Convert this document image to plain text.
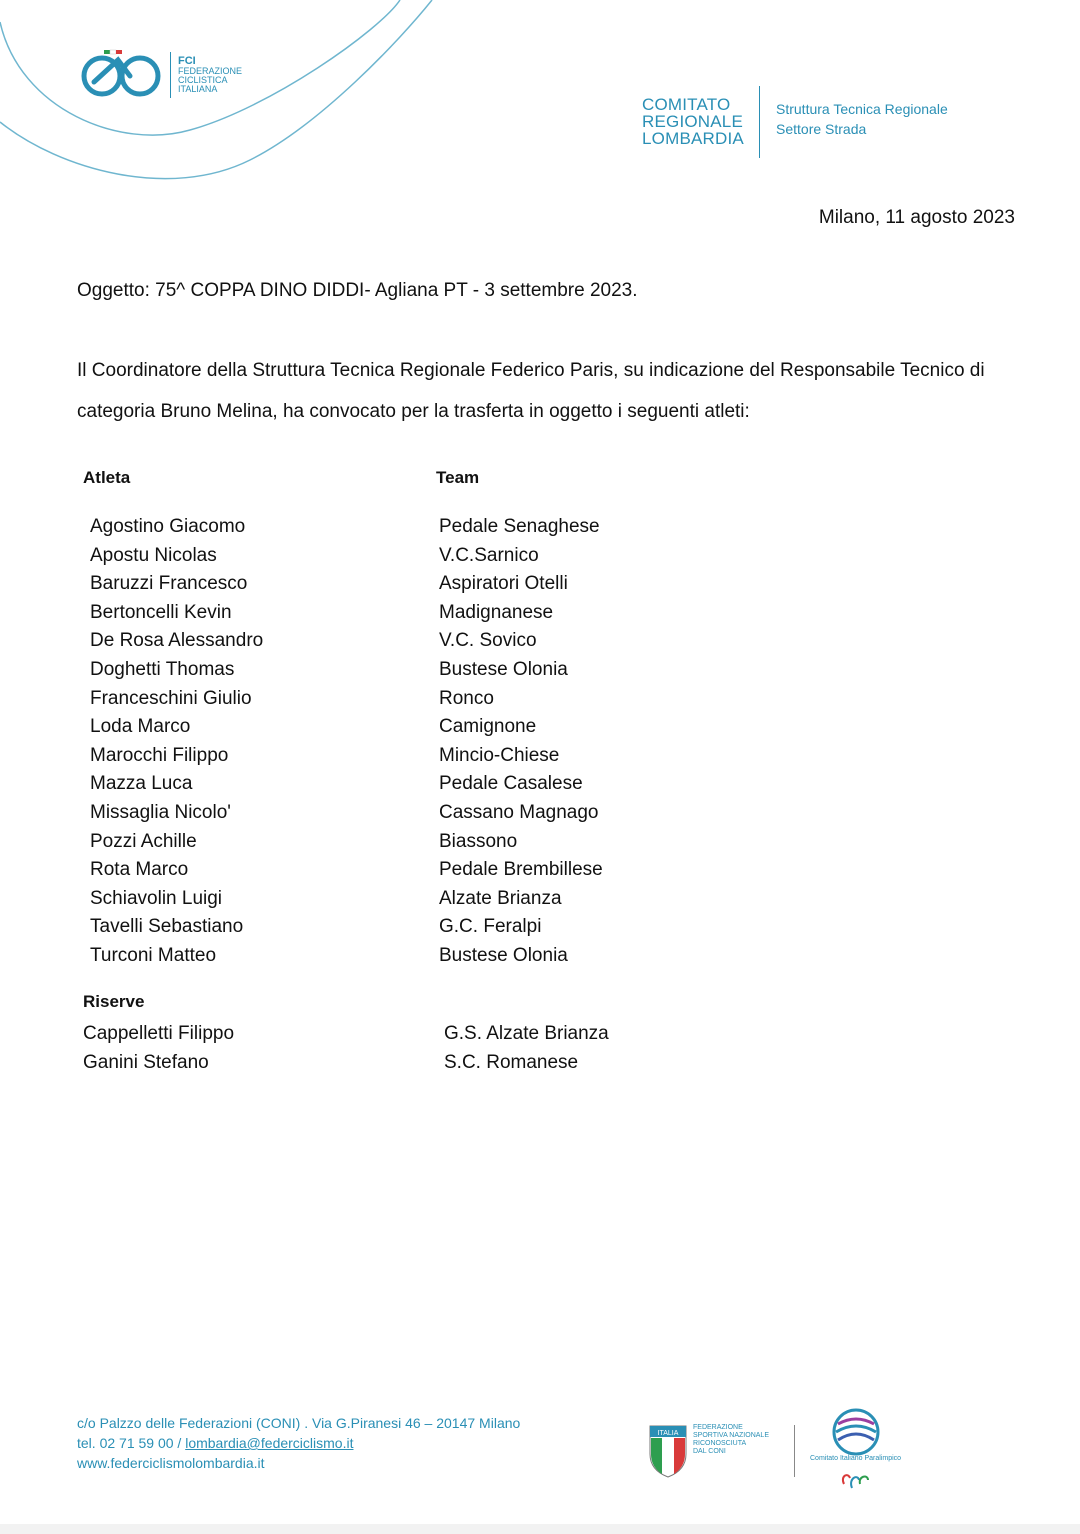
FCI
FEDERAZIONE
CICLISTICA
ITALIANA
COMITATO
REGIONALE
LOMBARDIA
Struttura Tecnica Regionale
Settore Strada
Milano, 11 agosto 2023
Oggetto: 75^ COPPA DINO DIDDI- Agliana PT - 3 settembre 2023.
Il Coordinatore della Struttura Tecnica Regionale Federico Paris, su indicazione del Responsabile Tecnico di categoria Bruno Melina, ha convocato per la trasferta in oggetto i seguenti atleti:
Atleta	Team
Agostino Giacomo
Apostu Nicolas
Baruzzi Francesco
Bertoncelli Kevin
De Rosa Alessandro
Doghetti Thomas
Franceschini Giulio
Loda Marco
Marocchi Filippo
Mazza Luca
Missaglia Nicolo'
Pozzi Achille
Rota Marco
Schiavolin Luigi
Tavelli Sebastiano
Turconi Matteo
Pedale Senaghese
V.C.Sarnico
Aspiratori Otelli
Madignanese
V.C. Sovico
Bustese Olonia
Ronco
Camignone
Mincio-Chiese
Pedale Casalese
Cassano Magnago
Biassono
Pedale Brembillese
Alzate Brianza
G.C. Feralpi
Bustese Olonia
Riserve
Cappelletti Filippo
Ganini Stefano
G.S. Alzate Brianza
S.C. Romanese
c/o Palzzo delle Federazioni (CONI) . Via G.Piranesi 46 – 20147 Milano
tel. 02 71 59 00 / lombardia@federciclismo.it
www.federciclismolombardia.it
ITALIA
FEDERAZIONE
SPORTIVA NAZIONALE
RICONOSCIUTA
DAL CONI
Comitato Italiano Paralimpico
